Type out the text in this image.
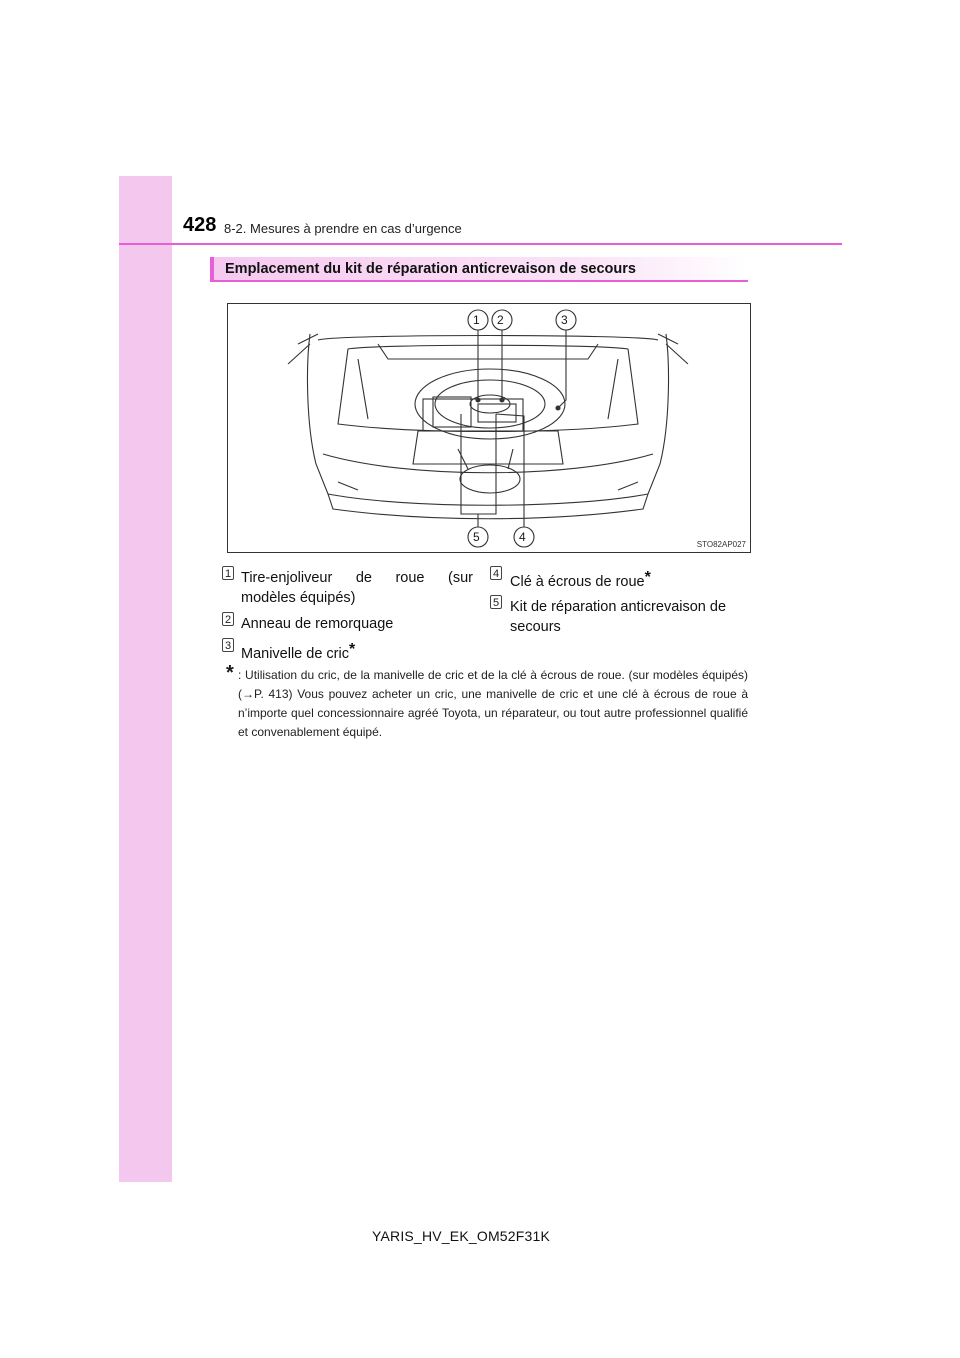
428 8-2. Mesures à prendre en cas d’urgence
Emplacement du kit de réparation anticrevaison de secours
1 2	3
4
5
STO82AP027
1 Tire-enjoliveur de roue (sur
modèles équipés)
2 Anneau de remorquage
3 Manivelle de cric*
4 Clé à écrous de roue*
5 Kit de réparation anticrevaison de
secours
* : Utilisation du cric, de la manivelle de cric et de la clé à écrous de roue. (sur modèles équipés) (→P. 413) Vous pouvez acheter un cric, une manivelle de cric et une clé à écrous de roue à n’importe quel concessionnaire agréé Toyota, un réparateur, ou tout autre professionnel qualifié et convenablement équipé.
YARIS_HV_EK_OM52F31K
